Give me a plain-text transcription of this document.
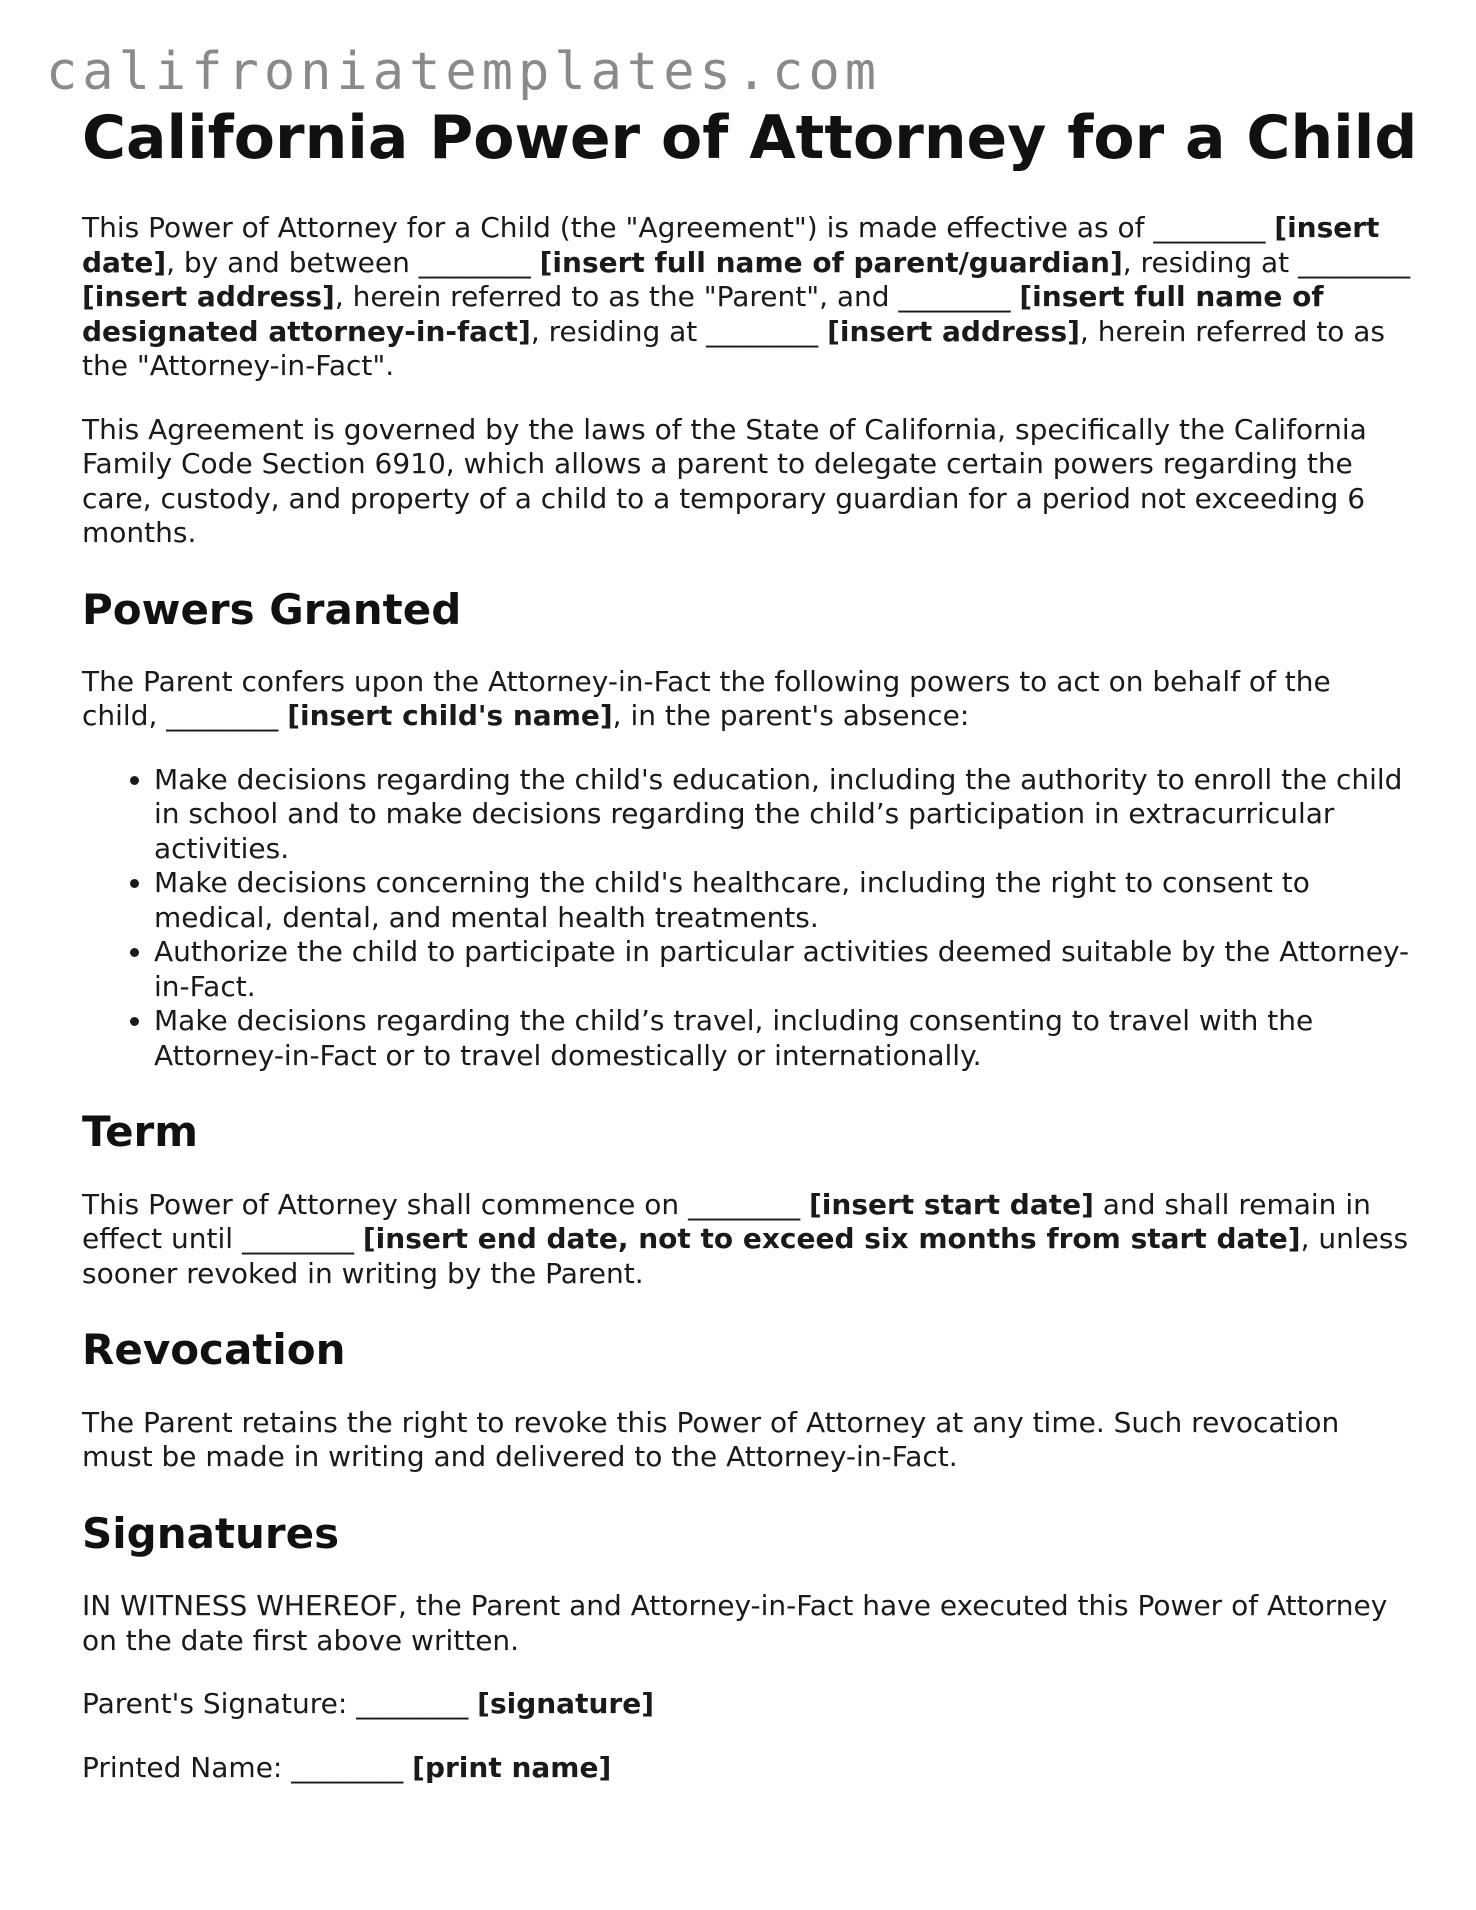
califroniatemplates.com
California Power of Attorney for a Child

This Power of Attorney for a Child (the "Agreement") is made effective as of ________ [insert date], by and between ________ [insert full name of parent/guardian], residing at ________ [insert address], herein referred to as the "Parent", and ________ [insert full name of designated attorney-in-fact], residing at ________ [insert address], herein referred to as the "Attorney-in-Fact".

This Agreement is governed by the laws of the State of California, specifically the California Family Code Section 6910, which allows a parent to delegate certain powers regarding the care, custody, and property of a child to a temporary guardian for a period not exceeding 6 months.

Powers Granted

The Parent confers upon the Attorney-in-Fact the following powers to act on behalf of the child, ________ [insert child's name], in the parent's absence:

• Make decisions regarding the child's education, including the authority to enroll the child in school and to make decisions regarding the child’s participation in extracurricular activities.
• Make decisions concerning the child's healthcare, including the right to consent to medical, dental, and mental health treatments.
• Authorize the child to participate in particular activities deemed suitable by the Attorney-in-Fact.
• Make decisions regarding the child’s travel, including consenting to travel with the Attorney-in-Fact or to travel domestically or internationally.
Term

This Power of Attorney shall commence on ________ [insert start date] and shall remain in effect until ________ [insert end date, not to exceed six months from start date], unless sooner revoked in writing by the Parent.

Revocation

The Parent retains the right to revoke this Power of Attorney at any time. Such revocation must be made in writing and delivered to the Attorney-in-Fact.

Signatures

IN WITNESS WHEREOF, the Parent and Attorney-in-Fact have executed this Power of Attorney on the date first above written.

Parent's Signature: ________ [signature]

Printed Name: ________ [print name]
